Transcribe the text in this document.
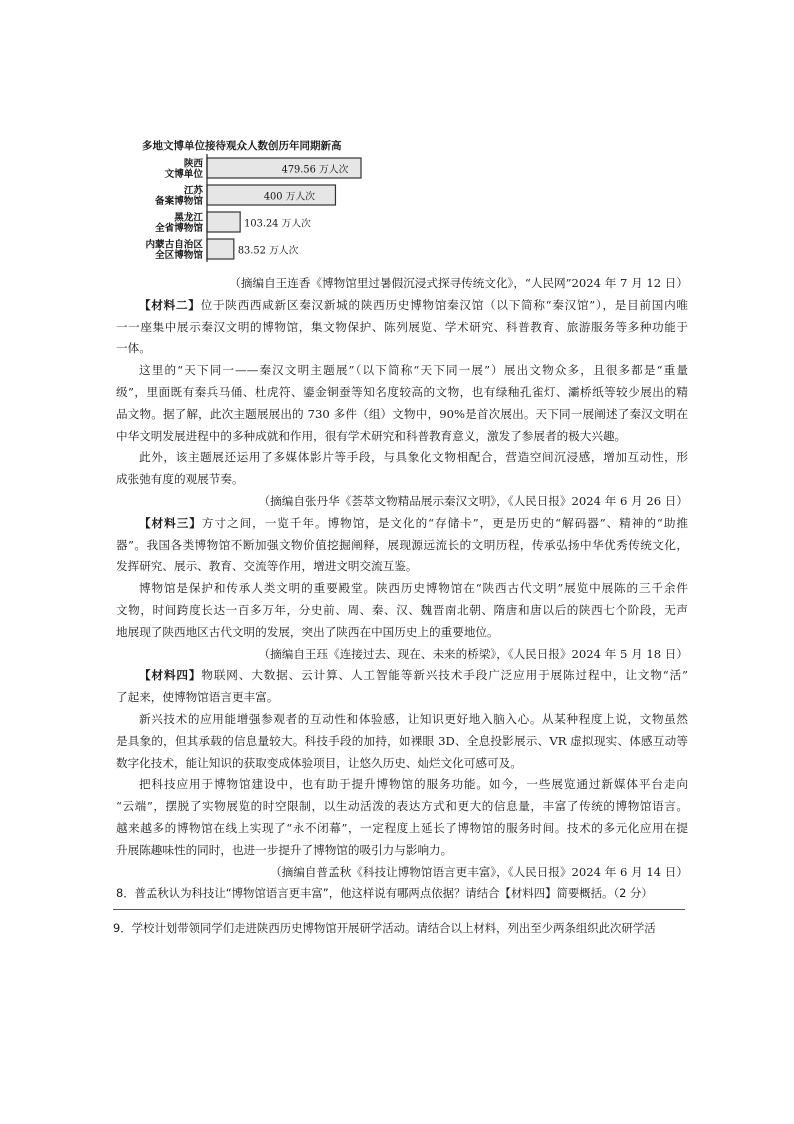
多地文博单位接待观众人数创历年同期新高
陕西
文博单位	479.56 万人次
江苏
备案博物馆	400 万人次
黑龙江
全省博物馆	103.24 万人次
内蒙古自治区
全区博物馆	83.52 万人次
（摘编自王连香《博物馆里过暑假沉浸式探寻传统文化》，“人民网”2024 年 7 月 12 日）
【材料二】位于陕西西咸新区秦汉新城的陕西历史博物馆秦汉馆（以下简称“秦汉馆”），是目前国内唯
一一座集中展示秦汉文明的博物馆，集文物保护、陈列展览、学术研究、科普教育、旅游服务等多种功能于
一体。
这里的“天下同一——秦汉文明主题展”（以下简称“天下同一展”）展出文物众多，且很多都是“重量
级”，里面既有秦兵马俑、杜虎符、鎏金铜蚕等知名度较高的文物，也有绿釉孔雀灯、灞桥纸等较少展出的精
品文物。据了解，此次主题展展出的 730 多件（组）文物中，90%是首次展出。天下同一展阐述了秦汉文明在
中华文明发展进程中的多种成就和作用，很有学术研究和科普教育意义，激发了参展者的极大兴趣。
此外，该主题展还运用了多媒体影片等手段，与具象化文物相配合，营造空间沉浸感，增加互动性，形
成张弛有度的观展节奏。
（摘编自张丹华《荟萃文物精品展示秦汉文明》，《人民日报》2024 年 6 月 26 日）
【材料三】方寸之间，一览千年。博物馆，是文化的“存储卡”，更是历史的“解码器”、精神的“助推
器”。我国各类博物馆不断加强文物价值挖掘阐释，展现源远流长的文明历程，传承弘扬中华优秀传统文化，
发挥研究、展示、教育、交流等作用，增进文明交流互鉴。
博物馆是保护和传承人类文明的重要殿堂。陕西历史博物馆在“陕西古代文明”展览中展陈的三千余件
文物，时间跨度长达一百多万年，分史前、周、秦、汉、魏晋南北朝、隋唐和唐以后的陕西七个阶段，无声
地展现了陕西地区古代文明的发展，突出了陕西在中国历史上的重要地位。
（摘编自王珏《连接过去、现在、未来的桥梁》，《人民日报》2024 年 5 月 18 日）
【材料四】物联网、大数据、云计算、人工智能等新兴技术手段广泛应用于展陈过程中，让文物“活”
了起来，使博物馆语言更丰富。
新兴技术的应用能增强参观者的互动性和体验感，让知识更好地入脑入心。从某种程度上说，文物虽然
是具象的，但其承载的信息量较大。科技手段的加持，如裸眼 3D、全息投影展示、VR 虚拟现实、体感互动等
数字化技术，能让知识的获取变成体验项目，让悠久历史、灿烂文化可感可及。
把科技应用于博物馆建设中，也有助于提升博物馆的服务功能。如今，一些展览通过新媒体平台走向
“云端”，摆脱了实物展览的时空限制，以生动活泼的表达方式和更大的信息量，丰富了传统的博物馆语言。
越来越多的博物馆在线上实现了“永不闭幕”，一定程度上延长了博物馆的服务时间。技术的多元化应用在提
升展陈趣味性的同时，也进一步提升了博物馆的吸引力与影响力。
（摘编自普孟秋《科技让博物馆语言更丰富》，《人民日报》2024 年 6 月 14 日）
8．普孟秋认为科技让“博物馆语言更丰富”，他这样说有哪两点依据？请结合【材料四】简要概括。（2 分）
9．学校计划带领同学们走进陕西历史博物馆开展研学活动。请结合以上材料，列出至少两条组织此次研学活
